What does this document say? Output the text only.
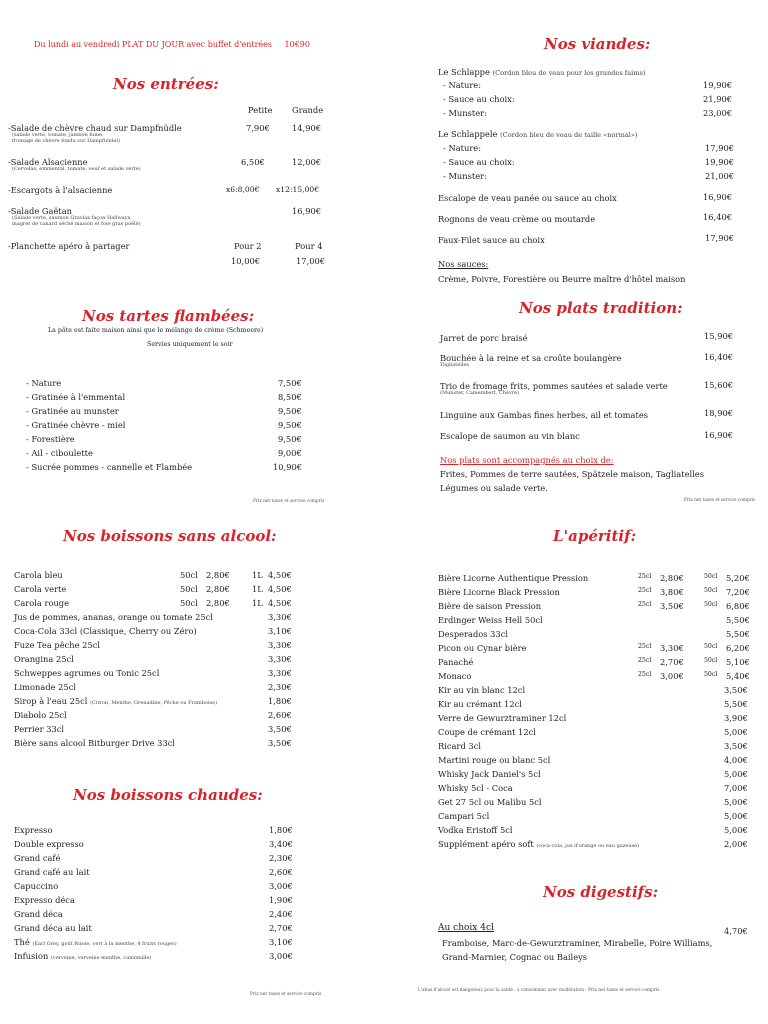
Du lundi au vendredi PLAT DU JOUR avec buffet d'entrées 10€90
Nos entrées:
Petite Grande
-Salade de chèvre chaud sur Dampfnüdle
(salade verte, tomate, jambon fumé,
fromage de chèvre fondu sur Dampfnüdel)
7,90€	14,90€
-Salade Alsacienne
(Cervelas, emmental, tomate, oeuf et salade verte)
6,50€	12,00€
-Escargots à l'alsacienne	x6:8,00€ x12:15,00€
-Salade Gaëtan
(Salade verte, saumon Gravlax façon Hallways,
magret de canard séché maison et foie gras poêlé)
16,90€
-Planchette apéro à partager	Pour 2	Pour 4
10,00€	17,00€
Nos tartes flambées:
La pâte est faite maison ainsi que le mélange de crème (Schmeere)
Servies uniquement le soir
- Nature	7,50€
- Gratinée à l'emmental	8,50€
- Gratinée au munster	9,50€
- Gratinée chèvre - miel	9,50€
- Forestière	9,50€
- Ail - ciboulette	9,00€
- Sucrée pommes - cannelle et Flambée	10,90€
Prix net taxes et service compris
Nos viandes:
Le Schlappe (Cordon bleu de veau pour les grandes faims)
- Nature:	19,90€
- Sauce au choix:	21,90€
- Munster:	23,00€
Le Schlappele (Cordon bleu de veau de taille «normal»)
- Nature:	17,90€
- Sauce au choix:	19,90€
- Munster:	21,00€
Escalope de veau panée ou sauce au choix	16,90€
Rognons de veau crème ou moutarde	16,40€
Faux-Filet sauce au choix	17,90€
Nos sauces:
Crème, Poivre, Forestière ou Beurre maître d'hôtel maison
Nos plats tradition:
Jarret de porc braisé	15,90€
Bouchée à la reine et sa croûte boulangère
Tagliatelles
16,40€
Trio de fromage frits, pommes sautées et salade verte
(Munster, Camembert, Chèvre)
15,60€
Linguine aux Gambas fines herbes, ail et tomates	18,90€
Escalope de saumon au vin blanc	16,90€
Nos plats sont accompagnés au choix de:
Frites, Pommes de terre sautées, Spätzele maison, Tagliatelles
Légumes ou salade verte.
Prix net taxes et service compris
Nos boissons sans alcool:
Carola bleu	50cl 2,80€	1L 4,50€
Carola verte	50cl 2,80€	1L 4,50€
Carola rouge	50cl 2,80€	1L 4,50€
Jus de pommes, ananas, orange ou tomate 25cl	3,30€
Coca-Cola 33cl (Classique, Cherry ou Zéro)	3,10€
Fuze Tea pêche 25cl	3,30€
Orangina 25cl	3,30€
Schweppes agrumes ou Tonic 25cl	3,30€
Limonade 25cl	2,30€
Sirop à l'eau 25cl (Citron, Menthe, Grenadine, Pêche ou Framboise)	1,80€
Diabolo 25cl	2,60€
Perrier 33cl	3,50€
Bière sans alcool Bitburger Drive 33cl	3,50€
Nos boissons chaudes:
Expresso	1,80€
Double expresso	3,40€
Grand café	2,30€
Grand café au lait	2,60€
Capuccino	3,00€
Expresso déca	1,90€
Grand déca	2,40€
Grand déca au lait	2,70€
Thé (Earl Grey, goût Russe, vert à la menthe, 4 fruits rouges)	3,10€
Infusion (verveine, verveine menthe, camomille)	3,00€
Prix net taxes et service compris
L'apéritif:
Bière Licorne Authentique Pression	25cl 2,80€	50cl 5,20€
Bière Licorne Black Pression	25cl 3,80€	50cl 7,20€
Bière de saison Pression	25cl 3,50€	50cl 6,80€
Erdinger Weiss Hell 50cl	5,50€
Desperados 33cl	5,50€
Picon ou Cynar bière	25cl 3,30€	50cl 6,20€
Panaché	25cl 2,70€	50cl 5,10€
Monaco	25cl 3,00€	50cl 5,40€
Kir au vin blanc 12cl	3,50€
Kir au crémant 12cl	5,50€
Verre de Gewurztraminer 12cl	3,90€
Coupe de crémant 12cl	5,00€
Ricard 3cl	3,50€
Martini rouge ou blanc 5cl	4,00€
Whisky Jack Daniel's 5cl	5,00€
Whisky 5cl - Coca	7,00€
Get 27 5cl ou Malibu 5cl	5,00€
Campari 5cl	5,00€
Vodka Eristoff 5cl	5,00€
Supplément apéro soft (coca-cola, jus d'orange ou eau gazeuse)	2,00€
Nos digestifs:
Au choix 4cl	4,70€
Framboise, Marc-de-Gewurztraminer, Mirabelle, Poire Williams,
Grand-Marnier, Cognac ou Baileys
L'abus d'alcool est dangereux pour la santé - à consommer avec modération - Prix net taxes et service compris
